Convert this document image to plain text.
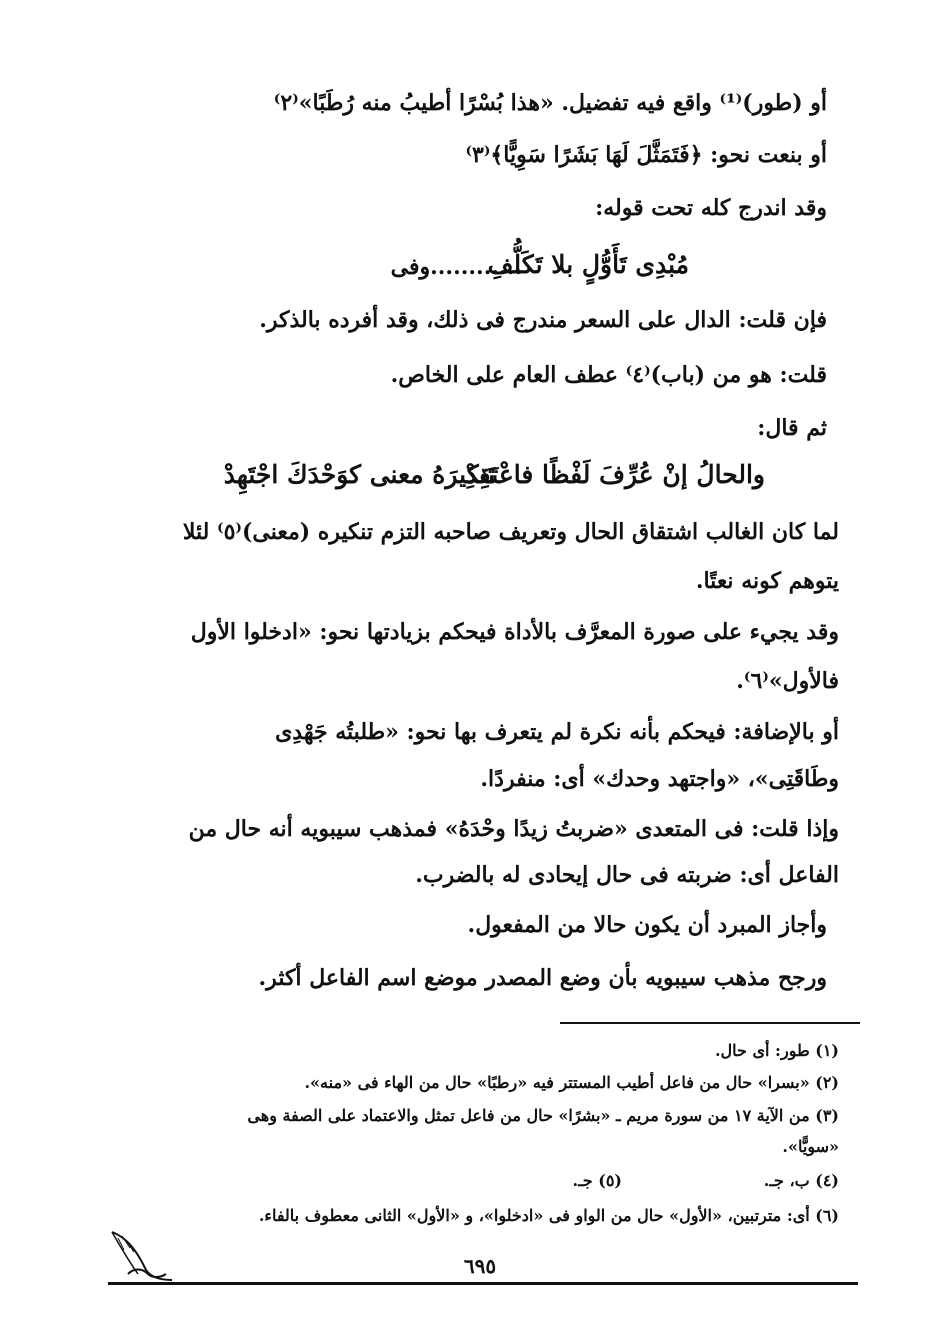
أو (طور)⁽¹⁾ واقع فيه تفضيل. «هذا بُسْرًا أطيبُ منه رُطَبًا»⁽٢⁾
أو بنعت نحو: ﴿فَتَمَثَّلَ لَهَا بَشَرًا سَوِيًّا﴾⁽٣⁾
وقد اندرج كله تحت قوله:
مُبْدِى تَأَوُّلٍ بلا تَكَلُّفِ
............وفى
فإن قلت: الدال على السعر مندرج فى ذلك، وقد أفرده بالذكر.
قلت: هو من (باب)⁽٤⁾ عطف العام على الخاص.
ثم قال:
والحالُ إنْ عُرِّفَ لَفْظًا فاعْتَقِدْ
تَنكِيرَهُ معنى كوَحْدَكَ اجْتَهِدْ
لما كان الغالب اشتقاق الحال وتعريف صاحبه التزم تنكيره (معنى)⁽٥⁾ لئلا
يتوهم كونه نعتًا.
وقد يجيء على صورة المعرَّف بالأداة فيحكم بزيادتها نحو: «ادخلوا الأول
فالأول»⁽٦⁾.
أو بالإضافة: فيحكم بأنه نكرة لم يتعرف بها نحو: «طلبتُه جَهْدِى
وطَاقَتِى»، «واجتهد وحدك» أى: منفردًا.
وإذا قلت: فى المتعدى «ضربتُ زيدًا وحْدَهُ» فمذهب سيبويه أنه حال من
الفاعل أى: ضربته فى حال إيحادى له بالضرب.
وأجاز المبرد أن يكون حالا من المفعول.
ورجح مذهب سيبويه بأن وضع المصدر موضع اسم الفاعل أكثر.
(١) طور: أى حال.
(٢) «بسرا» حال من فاعل أطيب المستتر فيه «رطبًا» حال من الهاء فى «منه».
(٣) من الآية ١٧ من سورة مريم ـ «بشرًا» حال من فاعل تمثل والاعتماد على الصفة وهى
«سويًّا».
(٤) ب، جـ.
(٥) جـ.
(٦) أى: مترتبين، «الأول» حال من الواو فى «ادخلوا»، و «الأول» الثانى معطوف بالفاء.
٦٩٥
